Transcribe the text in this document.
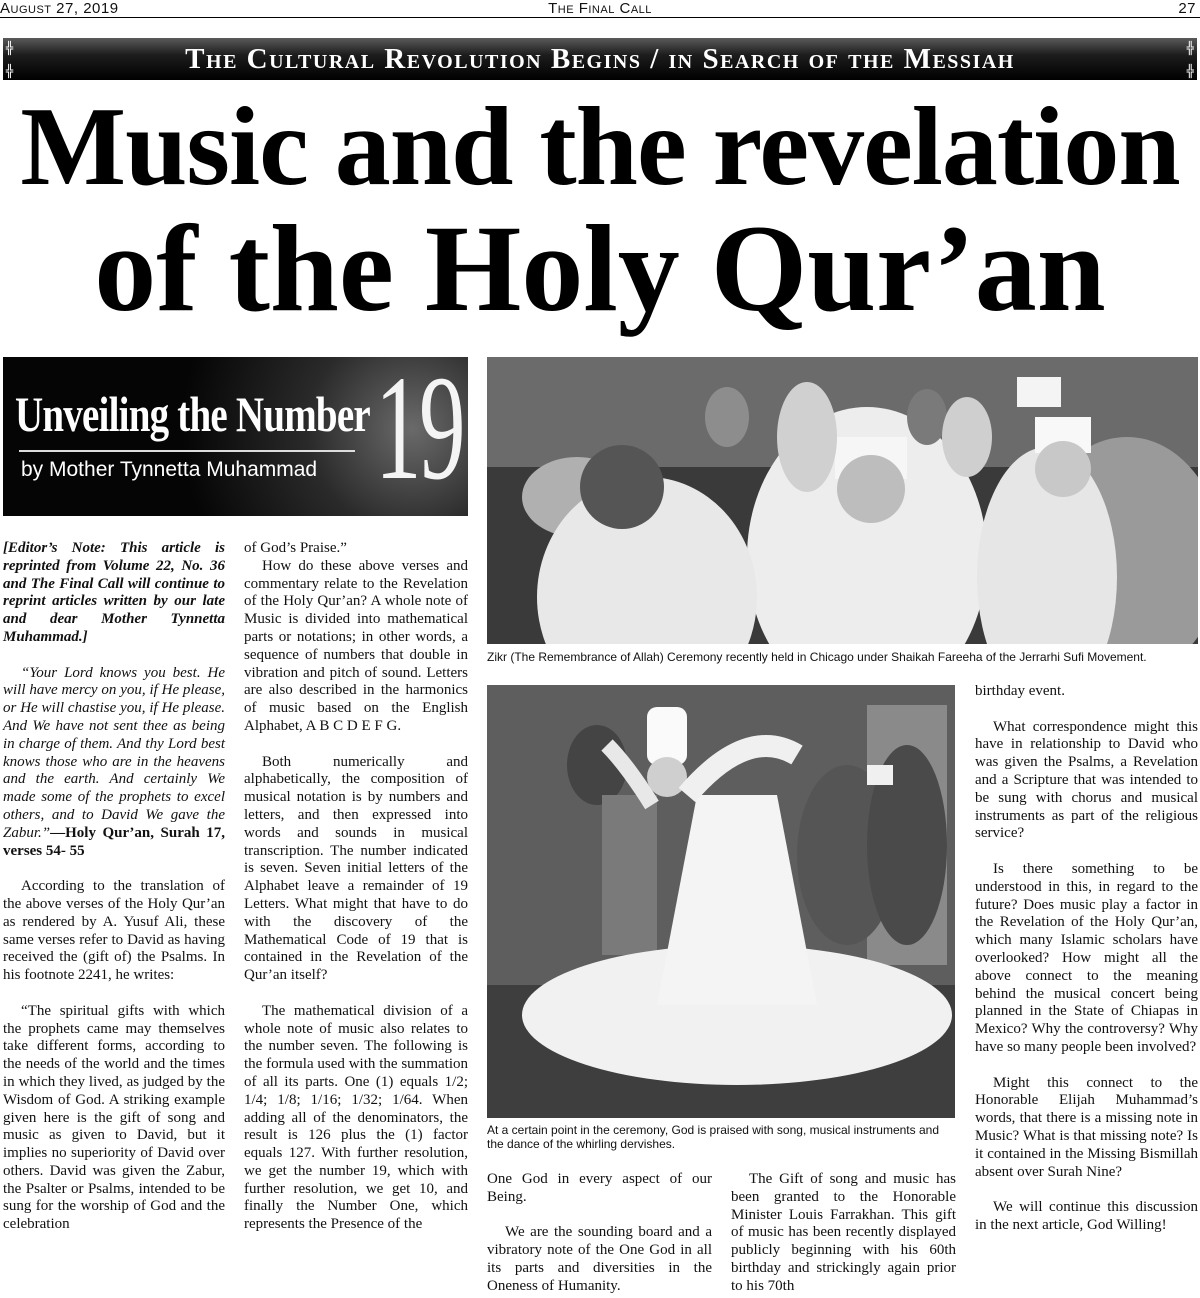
August 27, 2019	The Final Call	27
╬
╬
╬
╬
The Cultural Revolution Begins / in Search of the Messiah
Music and the revelation
of the Holy Qur’an
Unveiling the Number
by Mother Tynnetta Muhammad 19
Zikr (The Remembrance of Allah) Ceremony recently held in Chicago under Shaikah Fareeha of the Jerrarhi Sufi Movement.
At a certain point in the ceremony, God is praised with song, musical instruments and the dance of the whirling dervishes.

[Editor’s Note: This article is reprinted from Volume 22, No. 36 and The Final Call will continue to reprint articles written by our late and dear Mother Tynnetta Muhammad.]

“Your Lord knows you best. He will have mercy on you, if He please, or He will chastise you, if He please. And We have not sent thee as being in charge of them. And thy Lord best knows those who are in the heavens and the earth. And certainly We made some of the prophets to excel others, and to David We gave the Zabur.”—Holy Qur’an, Surah 17, verses 54- 55

According to the translation of the above verses of the Holy Qur’an as rendered by A. Yusuf Ali, these same verses refer to David as having received the (gift of) the Psalms. In his footnote 2241, he writes:

“The spiritual gifts with which the prophets came may themselves take different forms, according to the needs of the world and the times in which they lived, as judged by the Wisdom of God. A striking example given here is the gift of song and music as given to David, but it implies no superiority of David over others. David was given the Zabur, the Psalter or Psalms, intended to be sung for the worship of God and the celebration

of God’s Praise.”

How do these above verses and commentary relate to the Revelation of the Holy Qur’an? A whole note of Music is divided into mathematical parts or notations; in other words, a sequence of numbers that double in vibration and pitch of sound. Letters are also described in the harmonics of music based on the English Alphabet, A B C D E F G.

Both numerically and alphabetically, the composition of musical notation is by numbers and letters, and then expressed into words and sounds in musical transcription. The number indicated is seven. Seven initial letters of the Alphabet leave a remainder of 19 Letters. What might that have to do with the discovery of the Mathematical Code of 19 that is contained in the Revelation of the Qur’an itself?

The mathematical division of a whole note of music also relates to the number seven. The following is the formula used with the summation of all its parts. One (1) equals 1/2; 1/4; 1/8; 1/16; 1/32; 1/64. When adding all of the denominators, the result is 126 plus the (1) factor equals 127. With further resolution, we get the number 19, which with further resolution, we get 10, and finally the Number One, which represents the Presence of the

One God in every aspect of our Being.

We are the sounding board and a vibratory note of the One God in all its parts and diversities in the Oneness of Humanity.

The Gift of song and music has been granted to the Honorable Minister Louis Farrakhan. This gift of music has been recently displayed publicly beginning with his 60th birthday and strickingly again prior to his 70th

birthday event.

What correspondence might this have in relationship to David who was given the Psalms, a Revelation and a Scripture that was intended to be sung with chorus and musical instruments as part of the religious service?

Is there something to be understood in this, in regard to the future? Does music play a factor in the Revelation of the Holy Qur’an, which many Islamic scholars have overlooked? How might all the above connect to the meaning behind the musical concert being planned in the State of Chiapas in Mexico? Why the controversy? Why have so many people been involved?

Might this connect to the Honorable Elijah Muhammad’s words, that there is a missing note in Music? What is that missing note? Is it contained in the Missing Bismillah absent over Surah Nine?

We will continue this discussion in the next article, God Willing!
